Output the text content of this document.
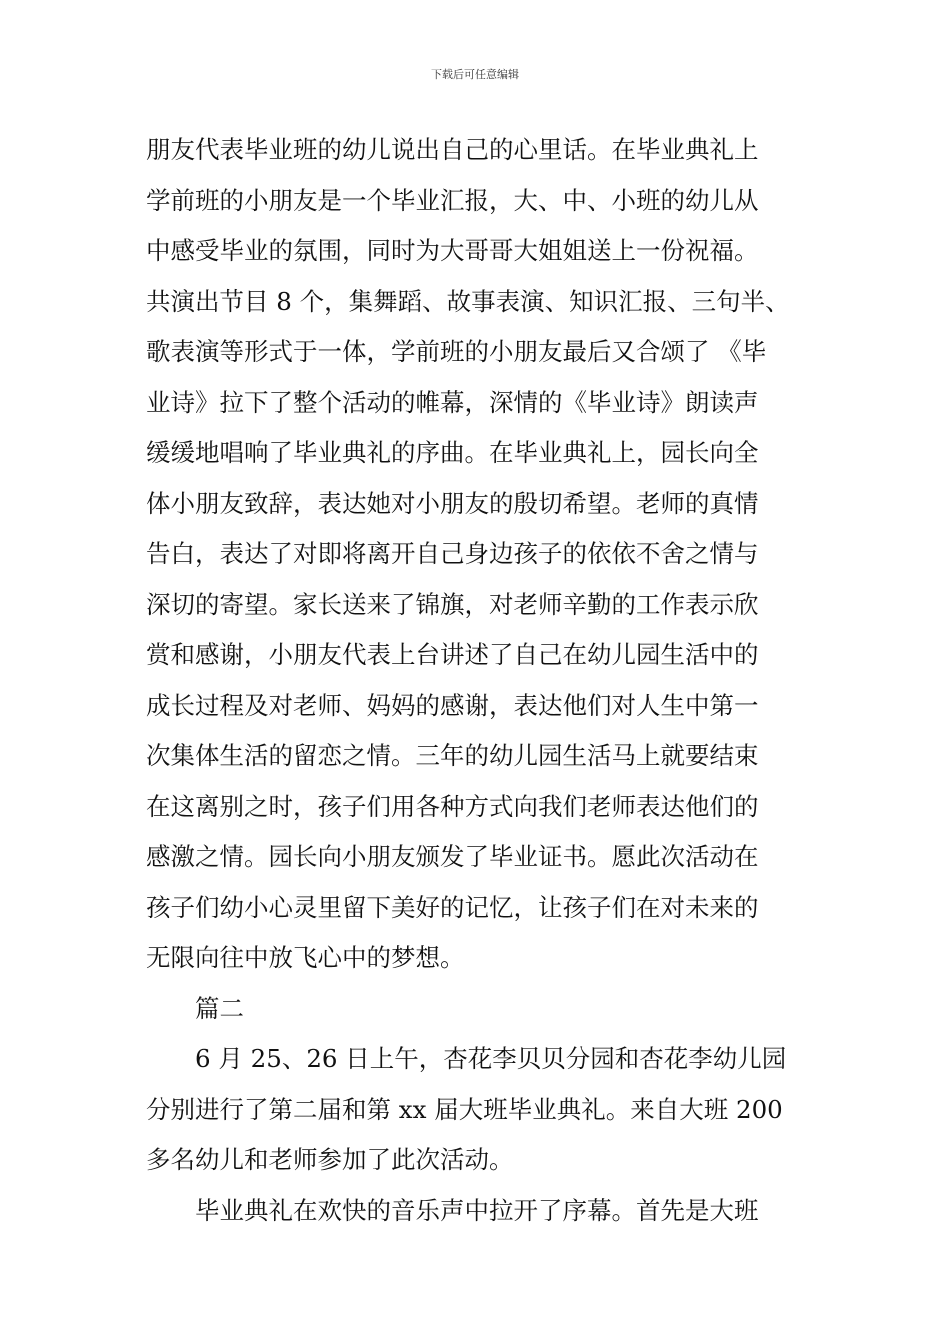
下载后可任意编辑
朋友代表毕业班的幼儿说出自己的心里话。在毕业典礼上
学前班的小朋友是一个毕业汇报，大、中、小班的幼儿从
中感受毕业的氛围，同时为大哥哥大姐姐送上一份祝福。
共演出节目 8 个，集舞蹈、故事表演、知识汇报、三句半、
歌表演等形式于一体，学前班的小朋友最后又合颂了 《毕
业诗》拉下了整个活动的帷幕，深情的《毕业诗》朗读声
缓缓地唱响了毕业典礼的序曲。在毕业典礼上，园长向全
体小朋友致辞，表达她对小朋友的殷切希望。老师的真情
告白，表达了对即将离开自己身边孩子的依依不舍之情与
深切的寄望。家长送来了锦旗，对老师辛勤的工作表示欣
赏和感谢，小朋友代表上台讲述了自己在幼儿园生活中的
成长过程及对老师、妈妈的感谢，表达他们对人生中第一
次集体生活的留恋之情。三年的幼儿园生活马上就要结束
在这离别之时，孩子们用各种方式向我们老师表达他们的
感激之情。园长向小朋友颁发了毕业证书。愿此次活动在
孩子们幼小心灵里留下美好的记忆，让孩子们在对未来的
无限向往中放飞心中的梦想。
篇二
6 月 25、26 日上午，杏花李贝贝分园和杏花李幼儿园
分别进行了第二届和第 xx 届大班毕业典礼。来自大班 200
多名幼儿和老师参加了此次活动。
毕业典礼在欢快的音乐声中拉开了序幕。首先是大班
